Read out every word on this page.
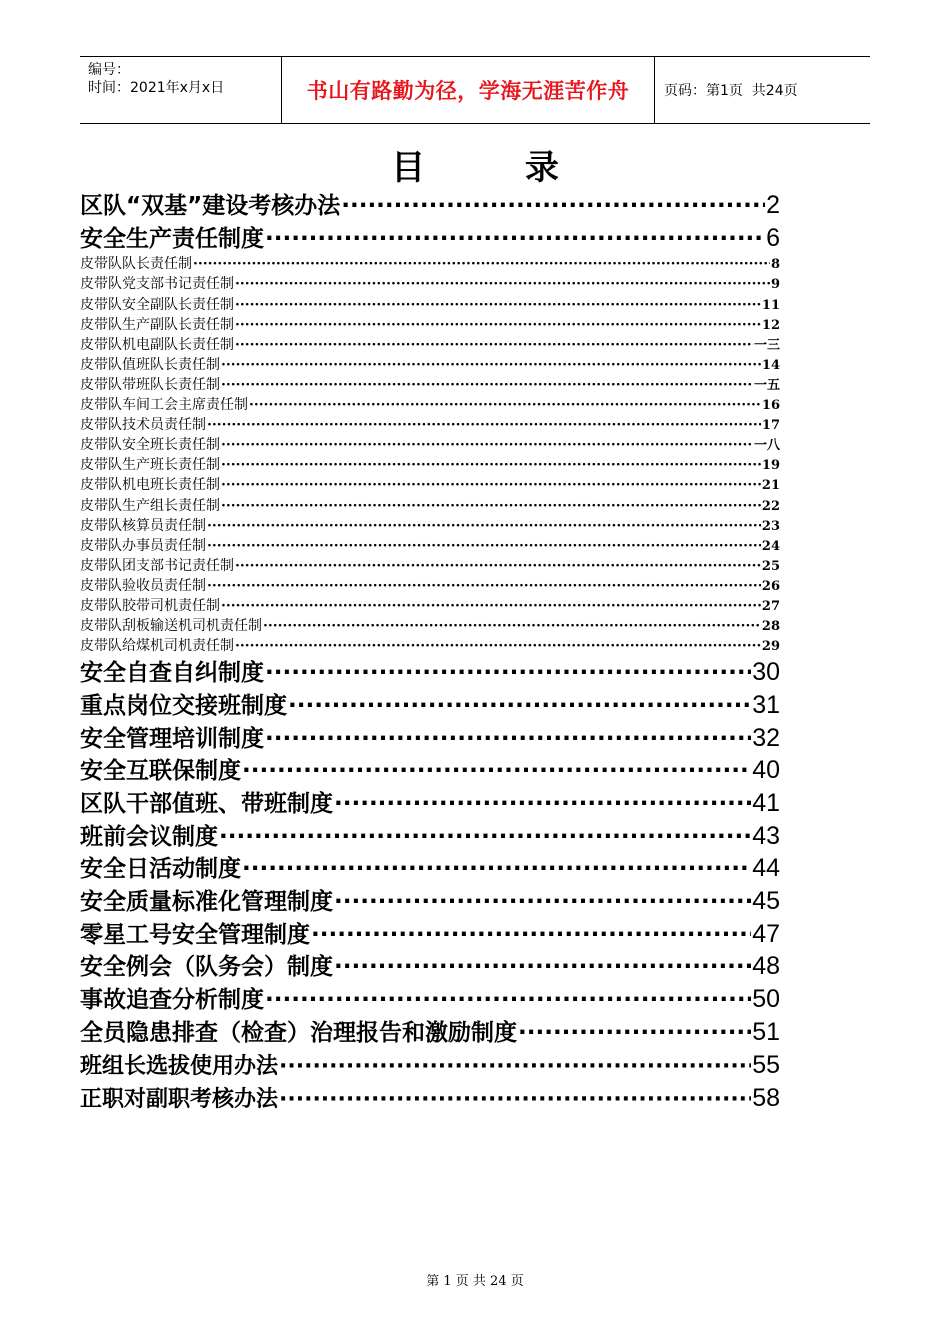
编号：
时间：2021年x月x日	书山有路勤为径，学海无涯苦作舟	页码：第1页  共24页
目 录
区队“双基”建设考核办法 ·····	2
安全生产责任制度 ·····	6
皮带队队长责任制 ·····	8
皮带队党支部书记责任制 ·····	9
皮带队安全副队长责任制 ·····	11
皮带队生产副队长责任制 ·····	12
皮带队机电副队长责任制 ·····	一三
皮带队值班队长责任制 ·····	14
皮带队带班队长责任制 ·····	一五
皮带队车间工会主席责任制 ·····	16
皮带队技术员责任制 ·····	17
皮带队安全班长责任制 ·····	一八
皮带队生产班长责任制 ·····	19
皮带队机电班长责任制 ·····	21
皮带队生产组长责任制 ·····	22
皮带队核算员责任制 ·····	23
皮带队办事员责任制 ·····	24
皮带队团支部书记责任制 ·····	25
皮带队验收员责任制 ·····	26
皮带队胶带司机责任制 ·····	27
皮带队刮板输送机司机责任制 ·····	28
皮带队给煤机司机责任制 ·····	29
安全自查自纠制度 ·····	30
重点岗位交接班制度 ·····	31
安全管理培训制度 ·····	32
安全互联保制度 ·····	40
区队干部值班、带班制度 ·····	41
班前会议制度 ·····	43
安全日活动制度 ·····	44
安全质量标准化管理制度 ·····	45
零星工号安全管理制度 ·····	47
安全例会（队务会）制度 ·····	48
事故追查分析制度 ·····	50
全员隐患排查（检查）治理报告和激励制度 ·····	51
班组长选拔使用办法 ·····	55
正职对副职考核办法 ·····	58
第 1 页 共 24 页
